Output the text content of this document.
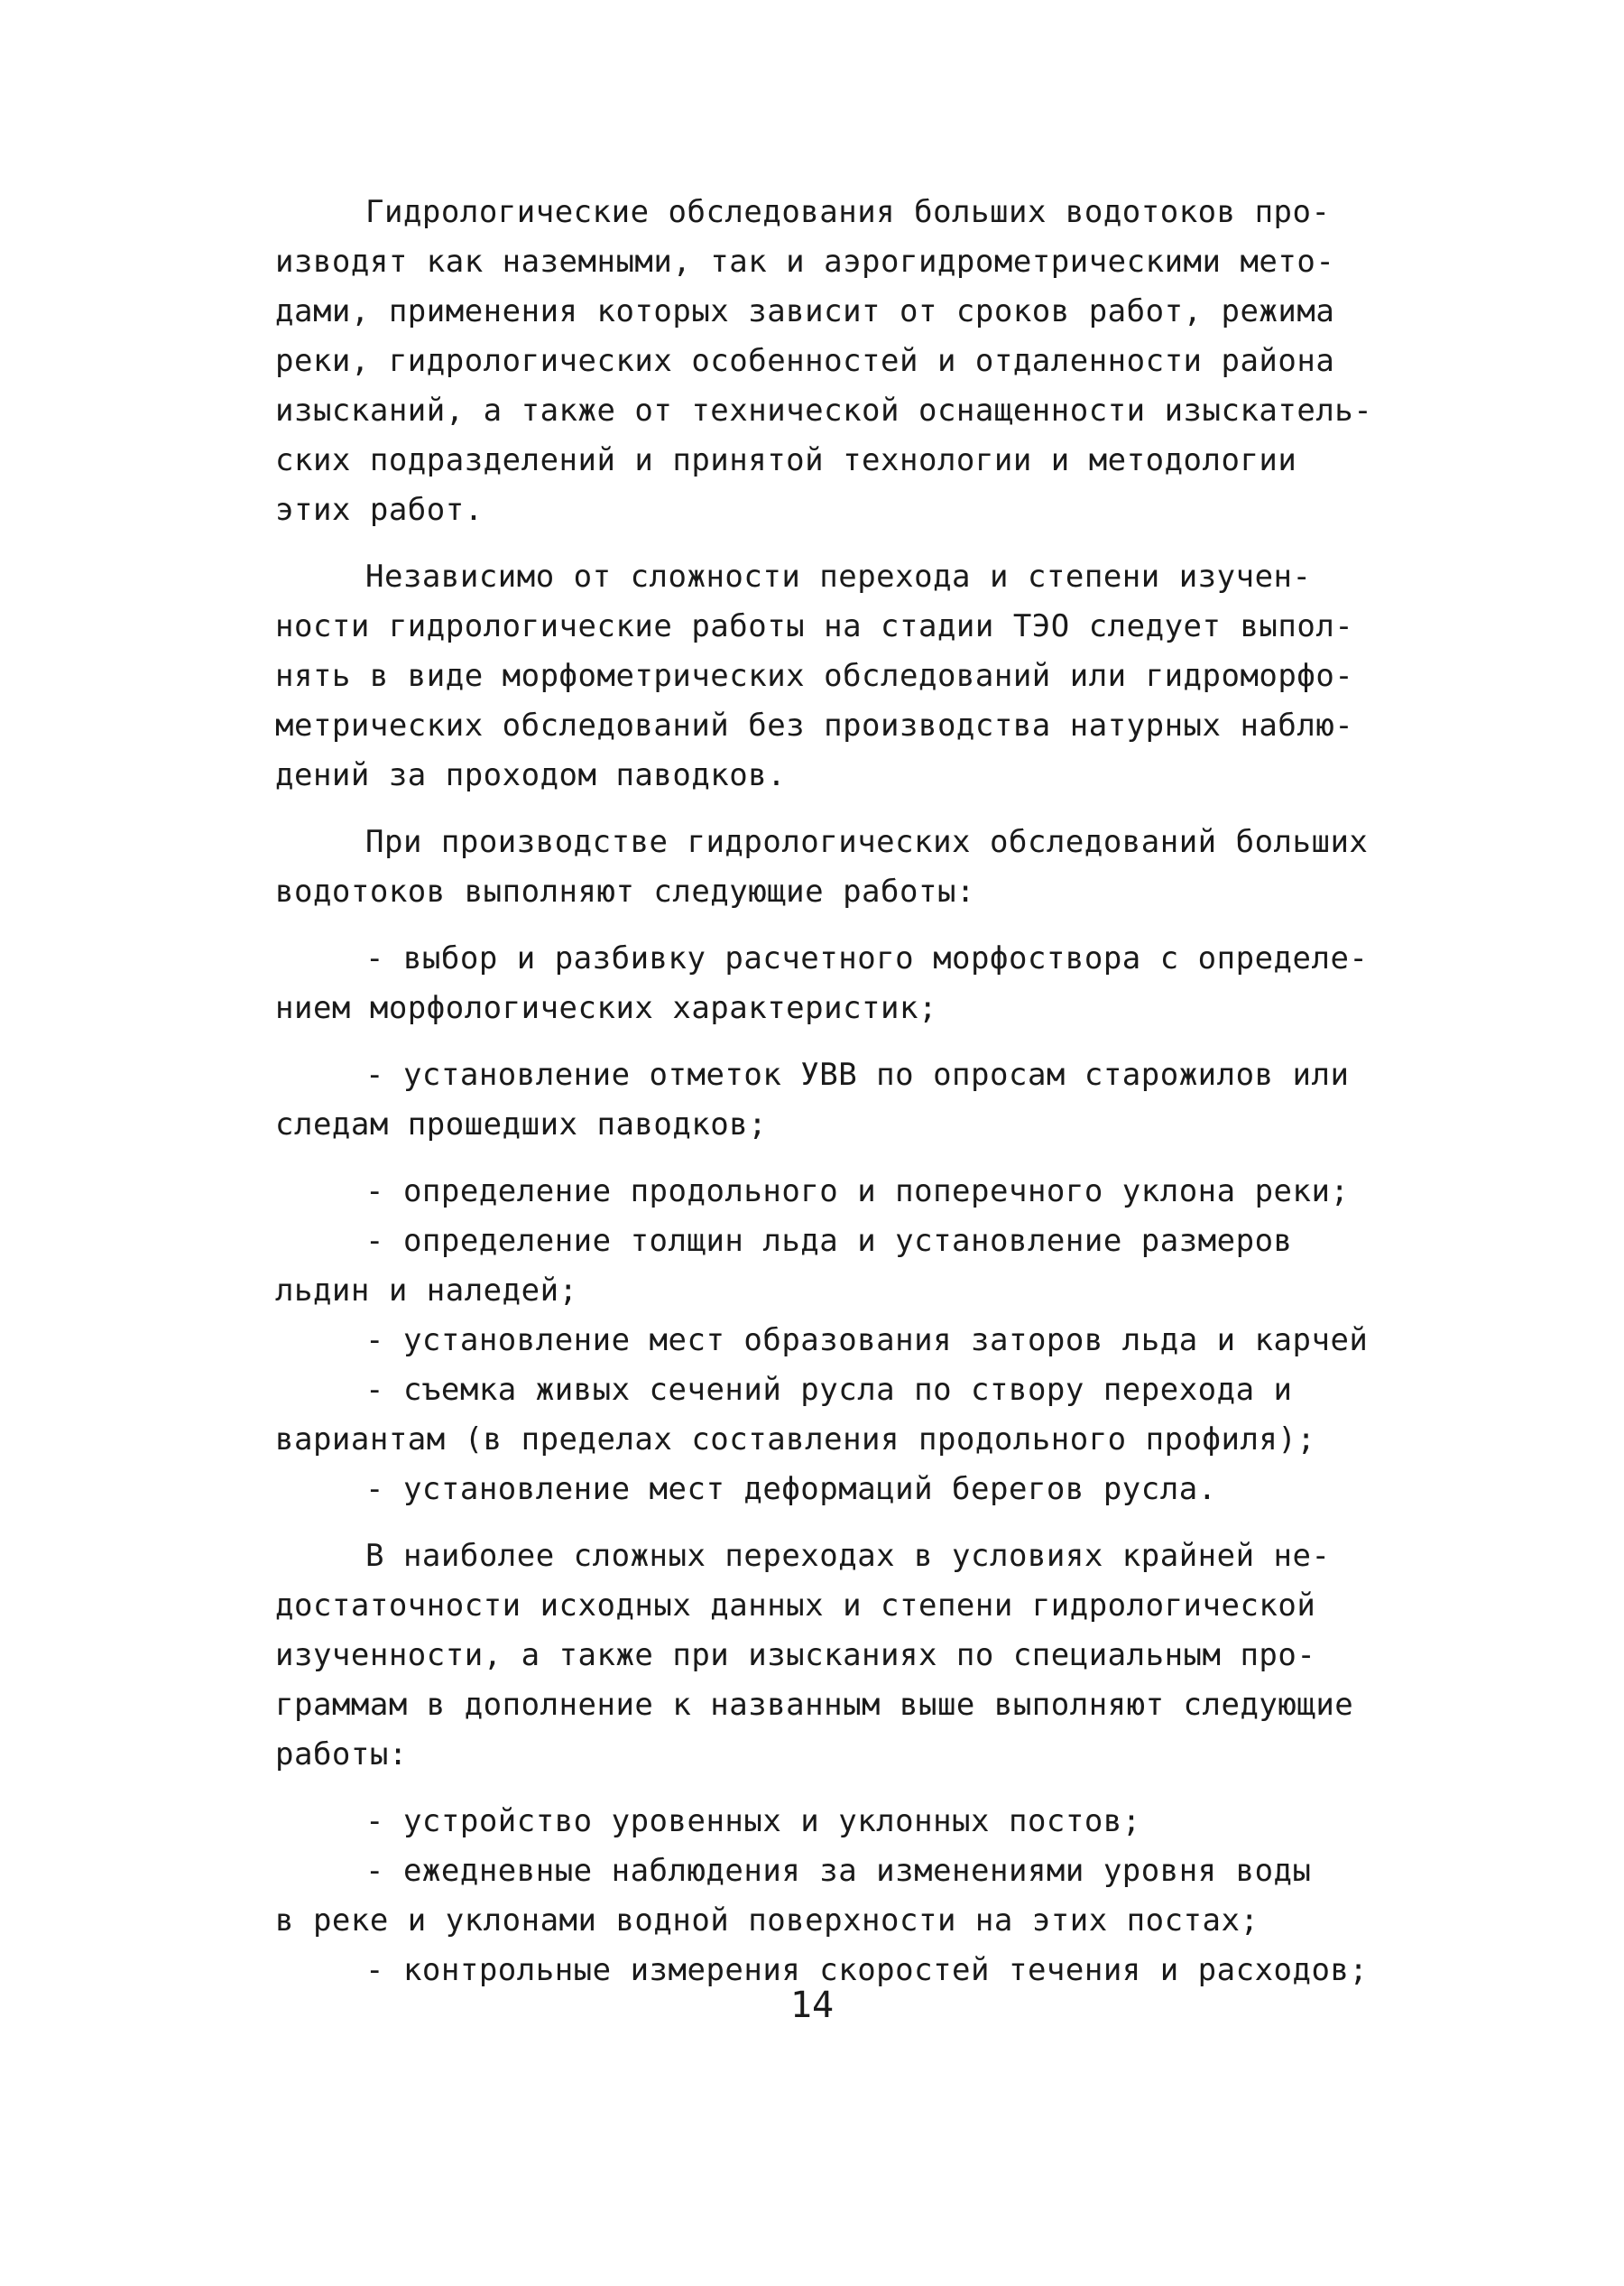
Гидрологические обследования больших водотоков про-
изводят как наземными, так и аэрогидрометрическими мето-
дами, применения которых зависит от сроков работ, режима
реки, гидрологических особенностей и отдаленности района
изысканий, а также от технической оснащенности изыскатель-
ских подразделений и принятой технологии и методологии
этих работ.
Независимо от сложности перехода и степени изучен-
ности гидрологические работы на стадии ТЭО следует выпол-
нять в виде морфометрических обследований или гидроморфо-
метрических обследований без производства натурных наблю-
дений за проходом паводков.
При производстве гидрологических обследований больших
водотоков выполняют следующие работы:
- выбор и разбивку расчетного морфоствора с определе-
нием морфологических характеристик;
- установление отметок УВВ по опросам старожилов или
следам прошедших паводков;
- определение продольного и поперечного уклона реки;
- определение толщин льда и установление размеров
льдин и наледей;
- установление мест образования заторов льда и карчей
- съемка живых сечений русла по створу перехода и
вариантам (в пределах составления продольного профиля);
- установление мест деформаций берегов русла.
В наиболее сложных переходах в условиях крайней не-
достаточности исходных данных и степени гидрологической
изученности, а также при изысканиях по специальным про-
граммам в дополнение к названным выше выполняют следующие
работы:
- устройство уровенных и уклонных постов;
- ежедневные наблюдения за изменениями уровня воды
в реке и уклонами водной поверхности на этих постах;
- контрольные измерения скоростей течения и расходов;
14
